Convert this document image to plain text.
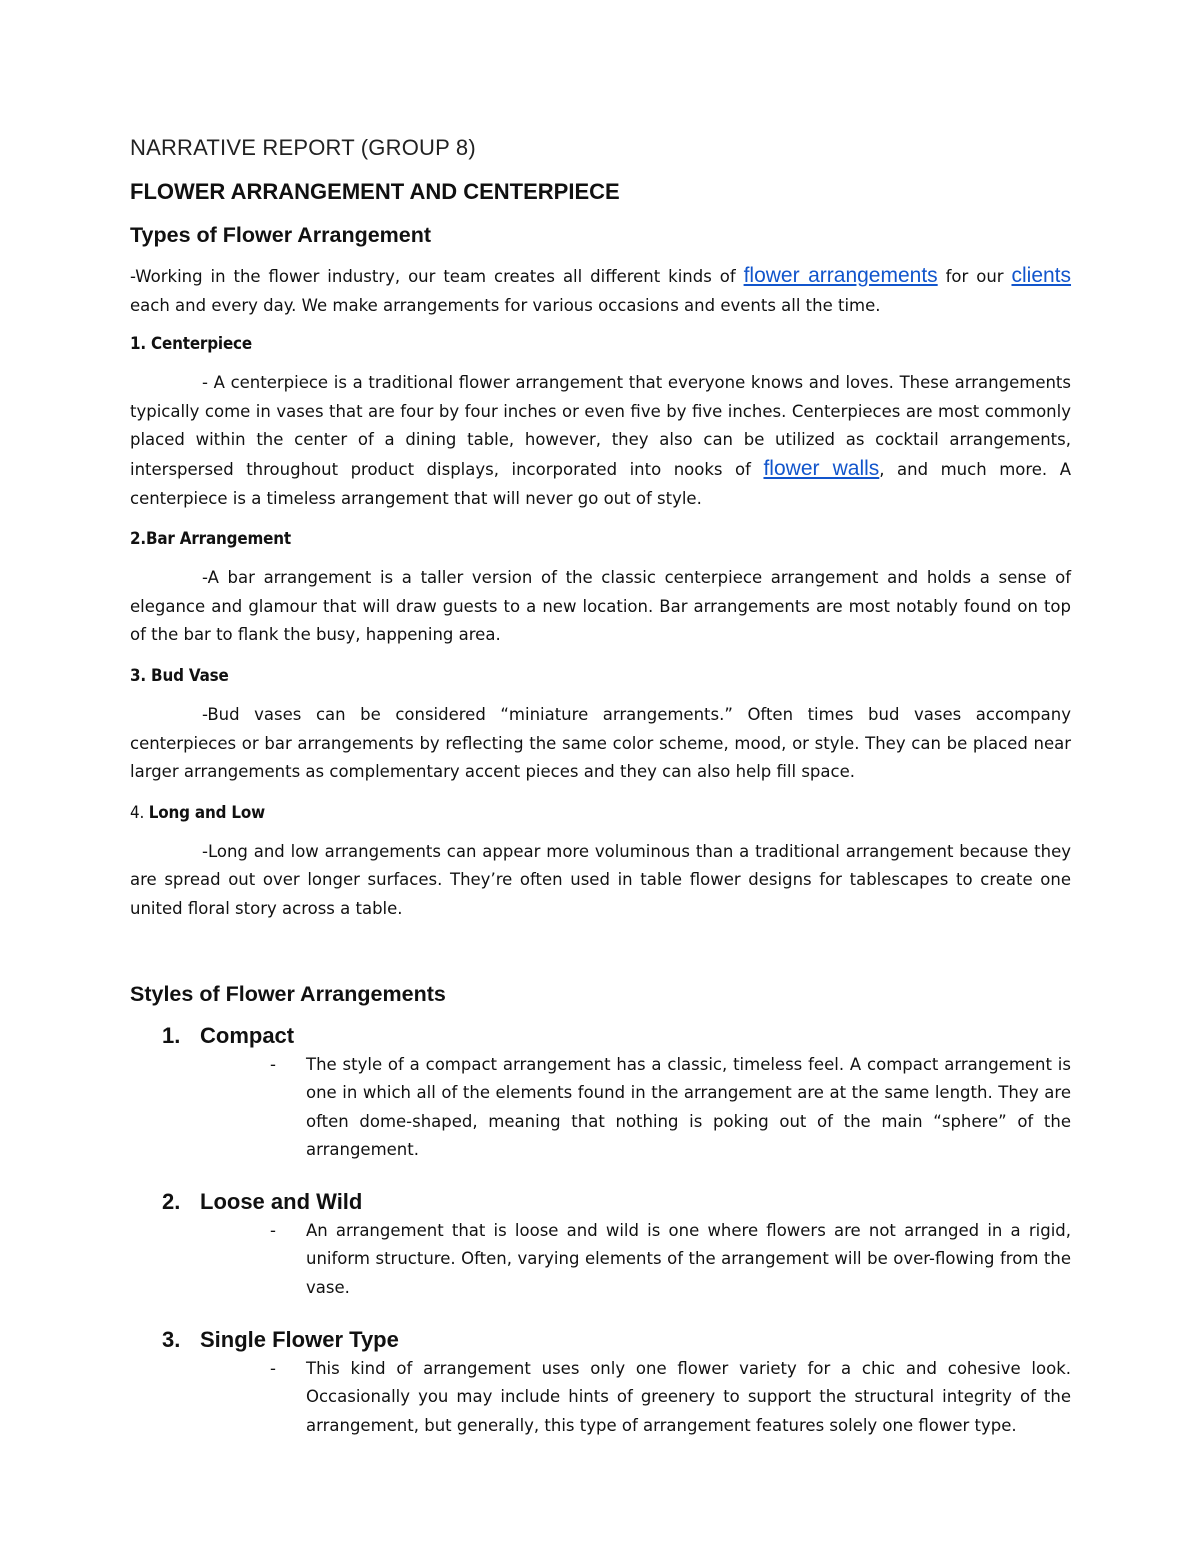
NARRATIVE REPORT (GROUP 8)

FLOWER ARRANGEMENT AND CENTERPIECE

Types of Flower Arrangement

-Working in the flower industry, our team creates all different kinds of flower arrangements for our clients each and every day. We make arrangements for various occasions and events all the time.

1. Centerpiece

- A centerpiece is a traditional flower arrangement that everyone knows and loves. These arrangements typically come in vases that are four by four inches or even five by five inches. Centerpieces are most commonly placed within the center of a dining table, however, they also can be utilized as cocktail arrangements, interspersed throughout product displays, incorporated into nooks of flower walls, and much more. A centerpiece is a timeless arrangement that will never go out of style.

2.Bar Arrangement

-A bar arrangement is a taller version of the classic centerpiece arrangement and holds a sense of elegance and glamour that will draw guests to a new location. Bar arrangements are most notably found on top of the bar to flank the busy, happening area.

3. Bud Vase

-Bud vases can be considered “miniature arrangements.” Often times bud vases accompany centerpieces or bar arrangements by reflecting the same color scheme, mood, or style. They can be placed near larger arrangements as complementary accent pieces and they can also help fill space.

4. Long and Low

-Long and low arrangements can appear more voluminous than a traditional arrangement because they are spread out over longer surfaces. They’re often used in table flower designs for tablescapes to create one united floral story across a table.

Styles of Flower Arrangements

1. Compact
-	The style of a compact arrangement has a classic, timeless feel. A compact arrangement is one in which all of the elements found in the arrangement are at the same length. They are often dome-shaped, meaning that nothing is poking out of the main “sphere” of the arrangement.

2. Loose and Wild
-	An arrangement that is loose and wild is one where flowers are not arranged in a rigid, uniform structure. Often, varying elements of the arrangement will be over-flowing from the vase.

3. Single Flower Type
-	This kind of arrangement uses only one flower variety for a chic and cohesive look. Occasionally you may include hints of greenery to support the structural integrity of the arrangement, but generally, this type of arrangement features solely one flower type.
